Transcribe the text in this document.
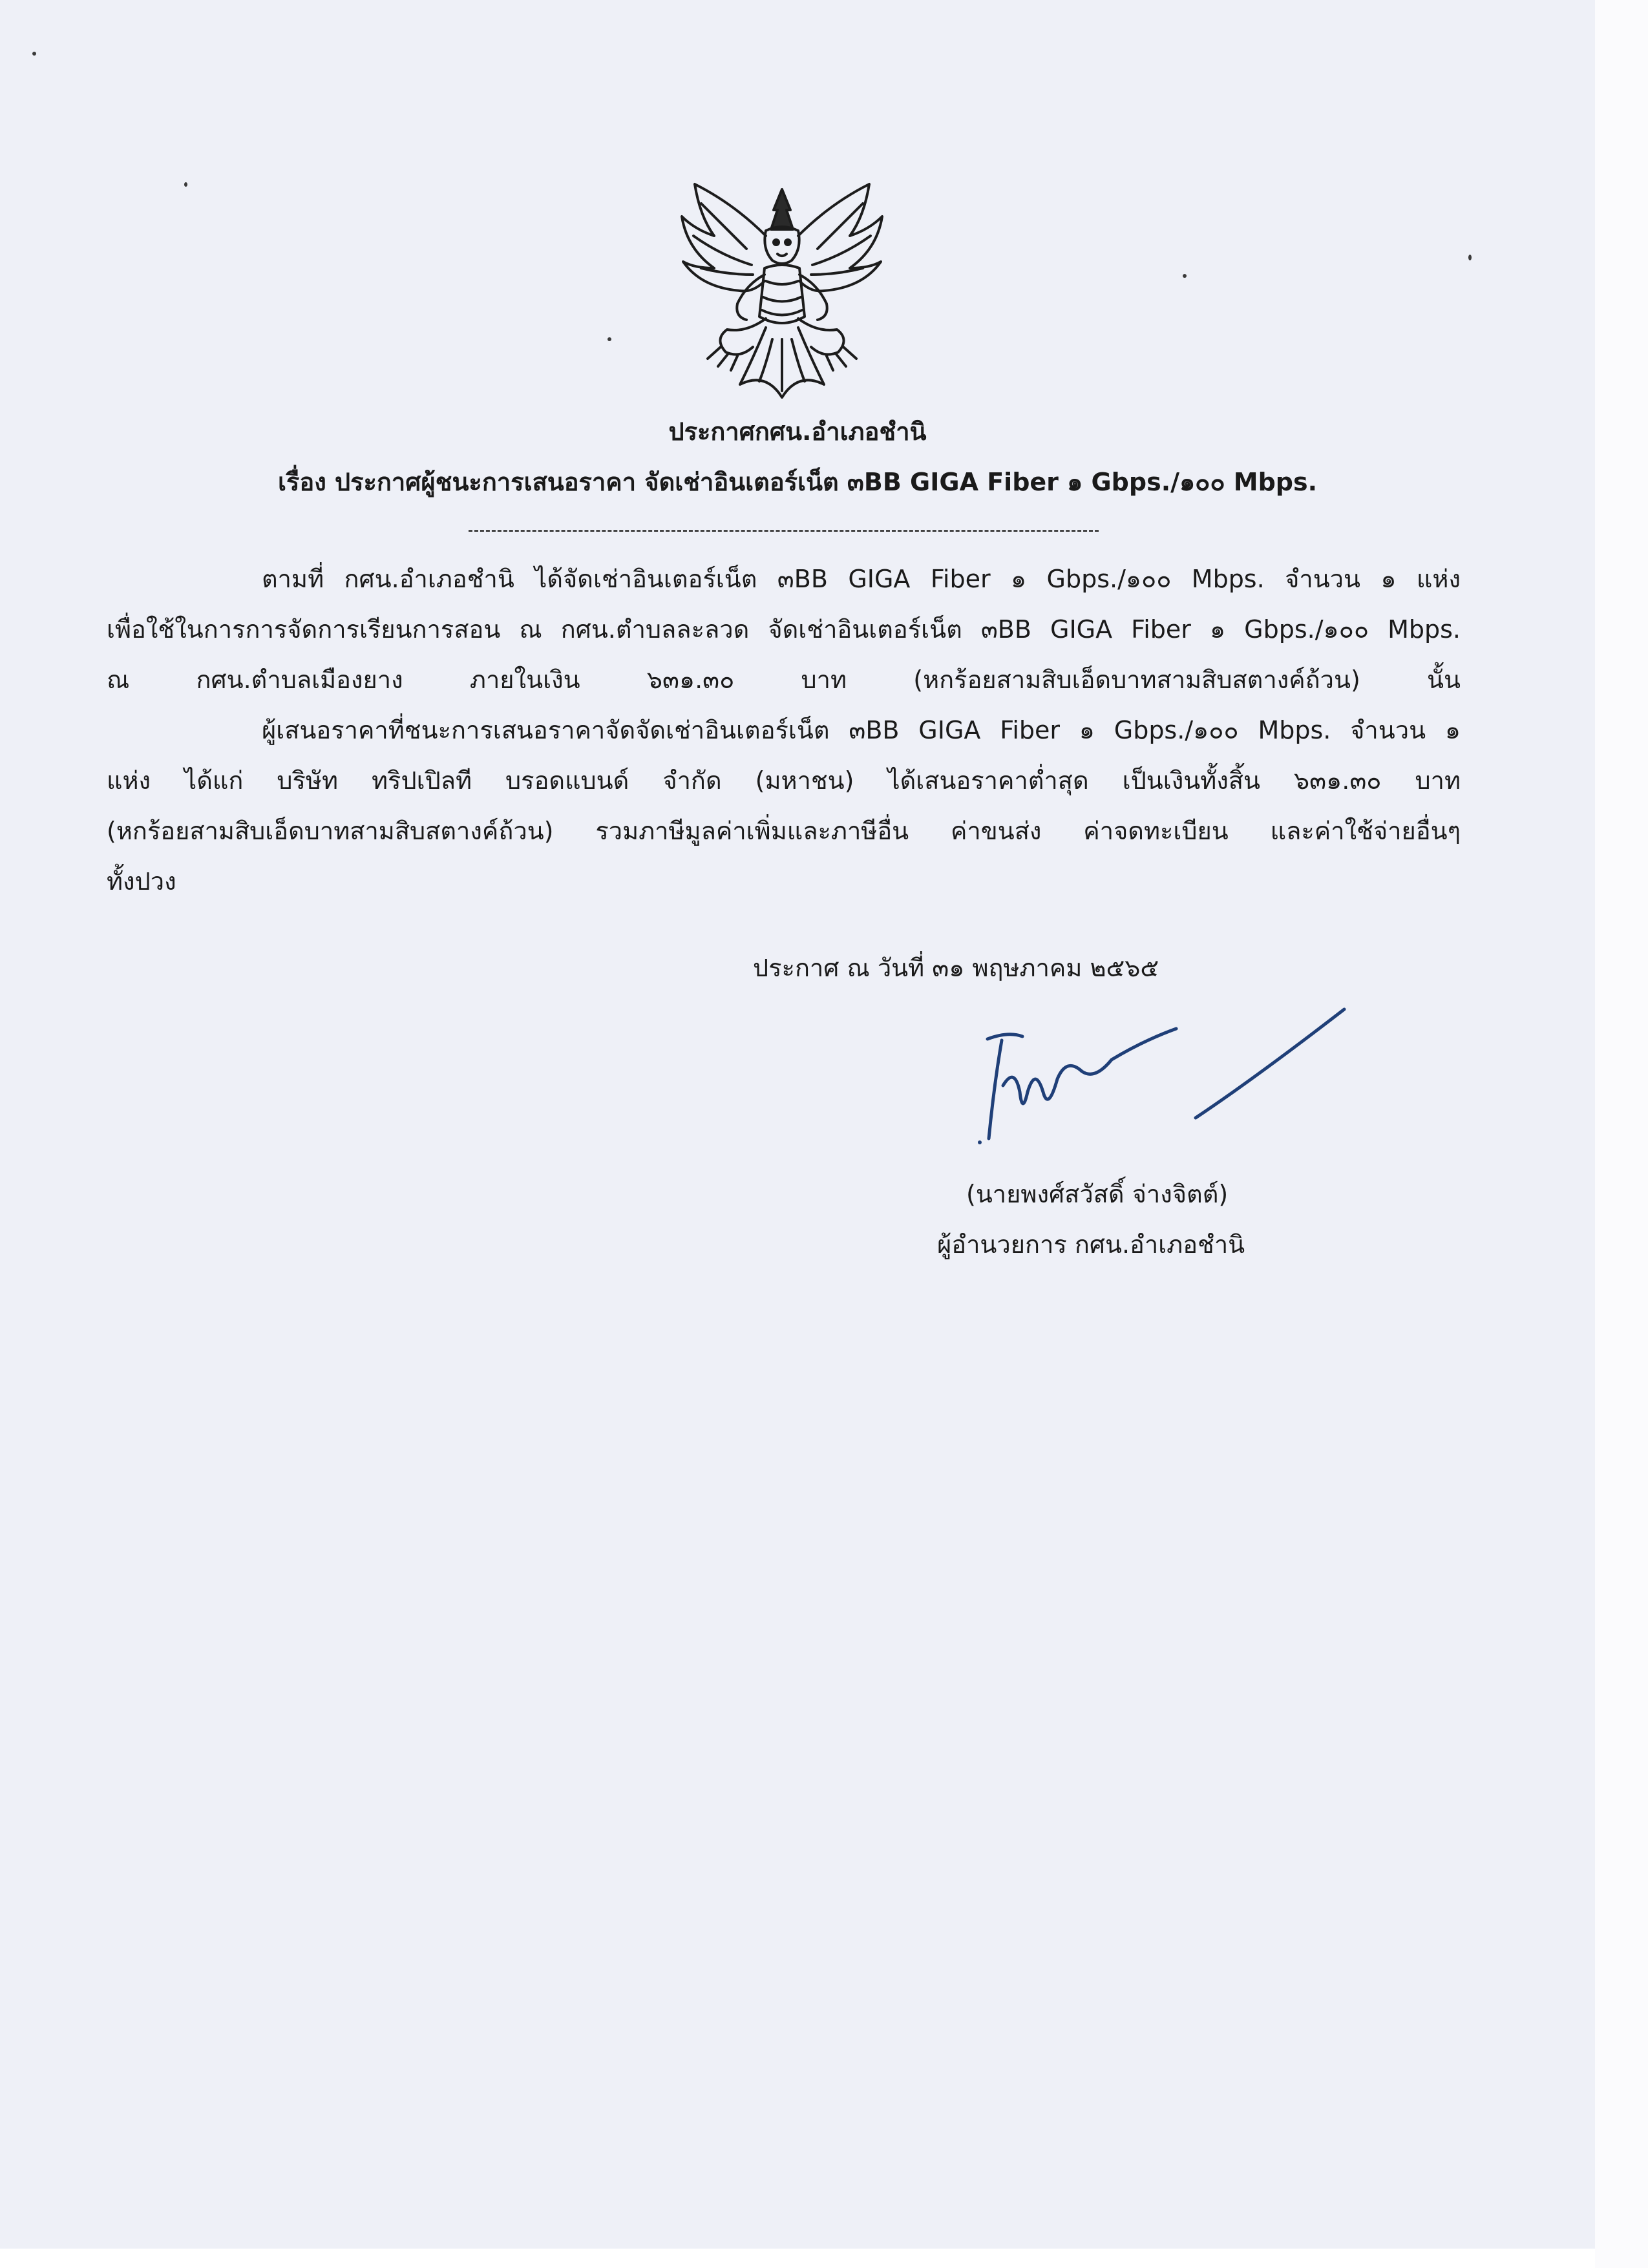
ประกาศกศน.อำเภอชำนิ
เรื่อง ประกาศผู้ชนะการเสนอราคา จัดเช่าอินเตอร์เน็ต ๓BB GIGA Fiber ๑ Gbps./๑๐๐ Mbps.
ตามที่ กศน.อำเภอชำนิ ได้จัดเช่าอินเตอร์เน็ต ๓BB GIGA Fiber ๑ Gbps./๑๐๐ Mbps. จำนวน ๑ แห่ง
เพื่อใช้ในการการจัดการเรียนการสอน ณ กศน.ตำบลละลวด จัดเช่าอินเตอร์เน็ต ๓BB GIGA Fiber ๑ Gbps./๑๐๐ Mbps.
ณ กศน.ตำบลเมืองยาง ภายในเงิน ๖๓๑.๓๐ บาท (หกร้อยสามสิบเอ็ดบาทสามสิบสตางค์ถ้วน) นั้น
ผู้เสนอราคาที่ชนะการเสนอราคาจัดจัดเช่าอินเตอร์เน็ต ๓BB GIGA Fiber ๑ Gbps./๑๐๐ Mbps. จำนวน ๑
แห่ง ได้แก่ บริษัท ทริปเปิลที บรอดแบนด์ จำกัด (มหาชน) ได้เสนอราคาต่ำสุด เป็นเงินทั้งสิ้น ๖๓๑.๓๐ บาท
(หกร้อยสามสิบเอ็ดบาทสามสิบสตางค์ถ้วน) รวมภาษีมูลค่าเพิ่มและภาษีอื่น ค่าขนส่ง ค่าจดทะเบียน และค่าใช้จ่ายอื่นๆ
ทั้งปวง
ประกาศ ณ วันที่ ๓๑ พฤษภาคม ๒๕๖๕
(นายพงศ์สวัสดิ์ จ่างจิตต์)
ผู้อำนวยการ กศน.อำเภอชำนิ
